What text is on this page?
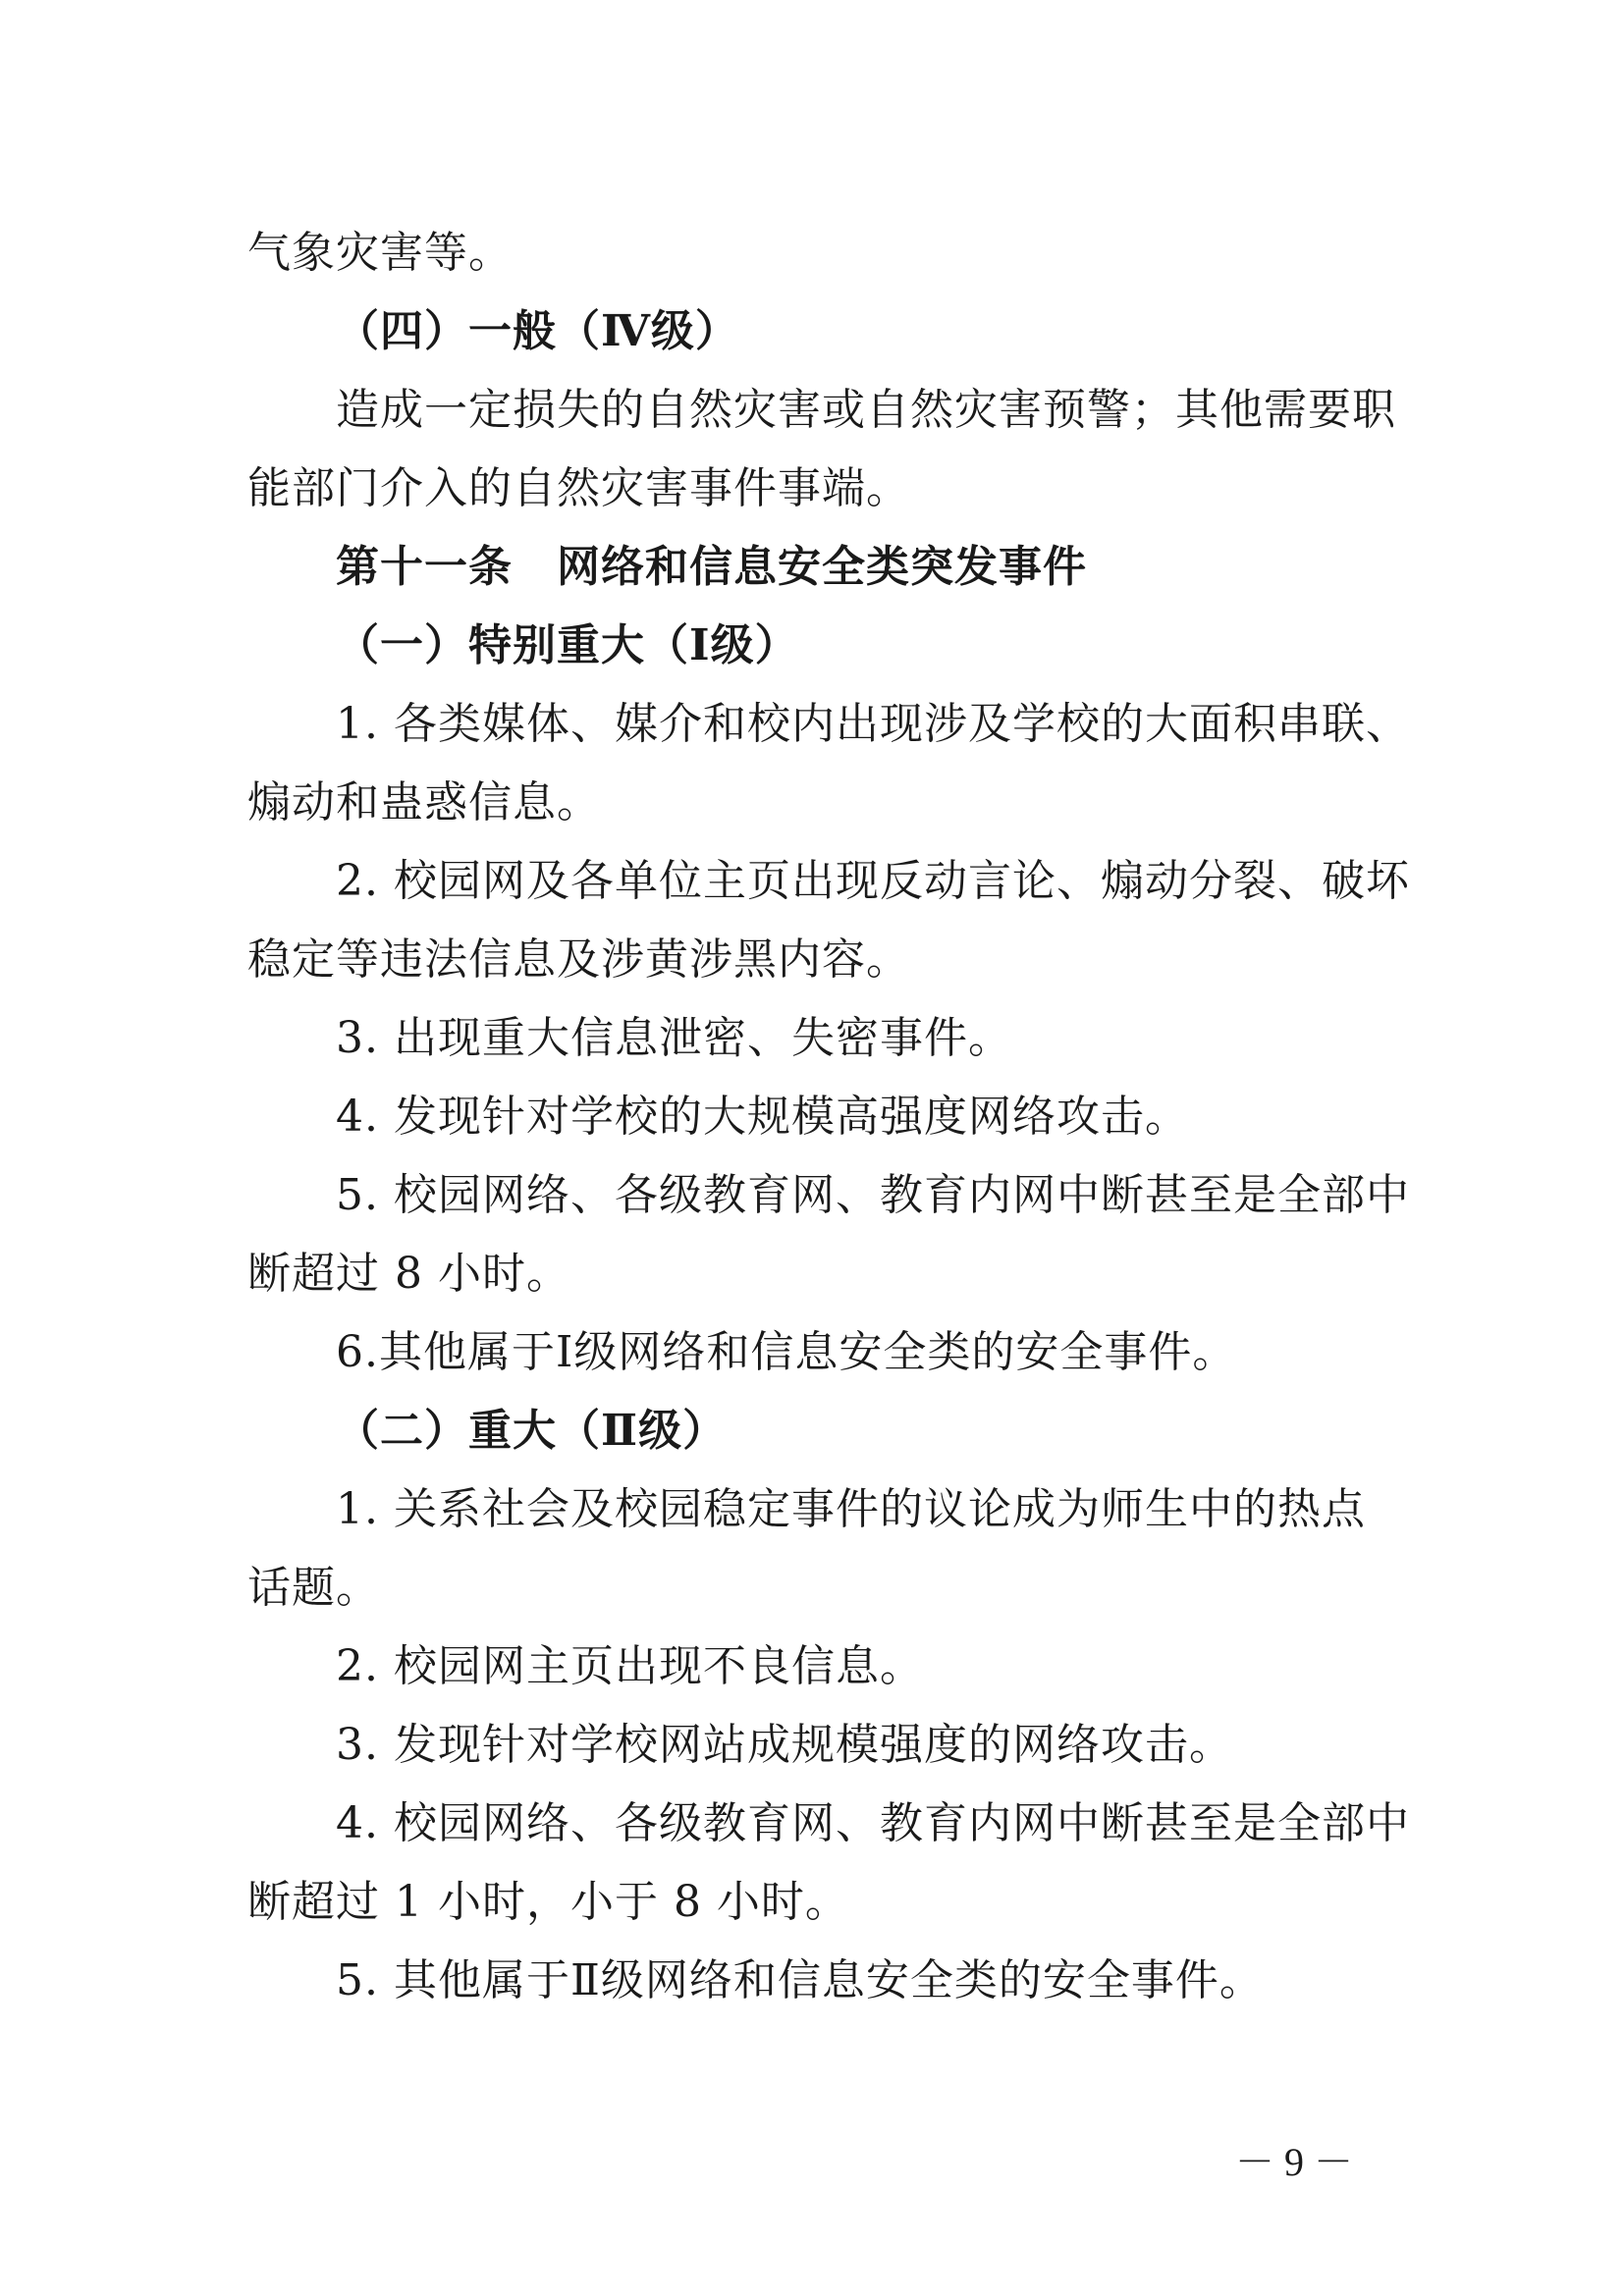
气象灾害等。
（四）一般（Ⅳ级）
造成一定损失的自然灾害或自然灾害预警；其他需要职
能部门介入的自然灾害事件事端。
第十一条　网络和信息安全类突发事件
（一）特别重大（Ⅰ级）
1. 各类媒体、媒介和校内出现涉及学校的大面积串联、
煽动和蛊惑信息。
2. 校园网及各单位主页出现反动言论、煽动分裂、破坏
稳定等违法信息及涉黄涉黑内容。
3. 出现重大信息泄密、失密事件。
4. 发现针对学校的大规模高强度网络攻击。
5. 校园网络、各级教育网、教育内网中断甚至是全部中
断超过 8 小时。
6.其他属于Ⅰ级网络和信息安全类的安全事件。
（二）重大（Ⅱ级）
1. 关系社会及校园稳定事件的议论成为师生中的热点
话题。
2. 校园网主页出现不良信息。
3. 发现针对学校网站成规模强度的网络攻击。
4. 校园网络、各级教育网、教育内网中断甚至是全部中
断超过 1 小时，小于 8 小时。
5. 其他属于Ⅱ级网络和信息安全类的安全事件。
－ 9 －
